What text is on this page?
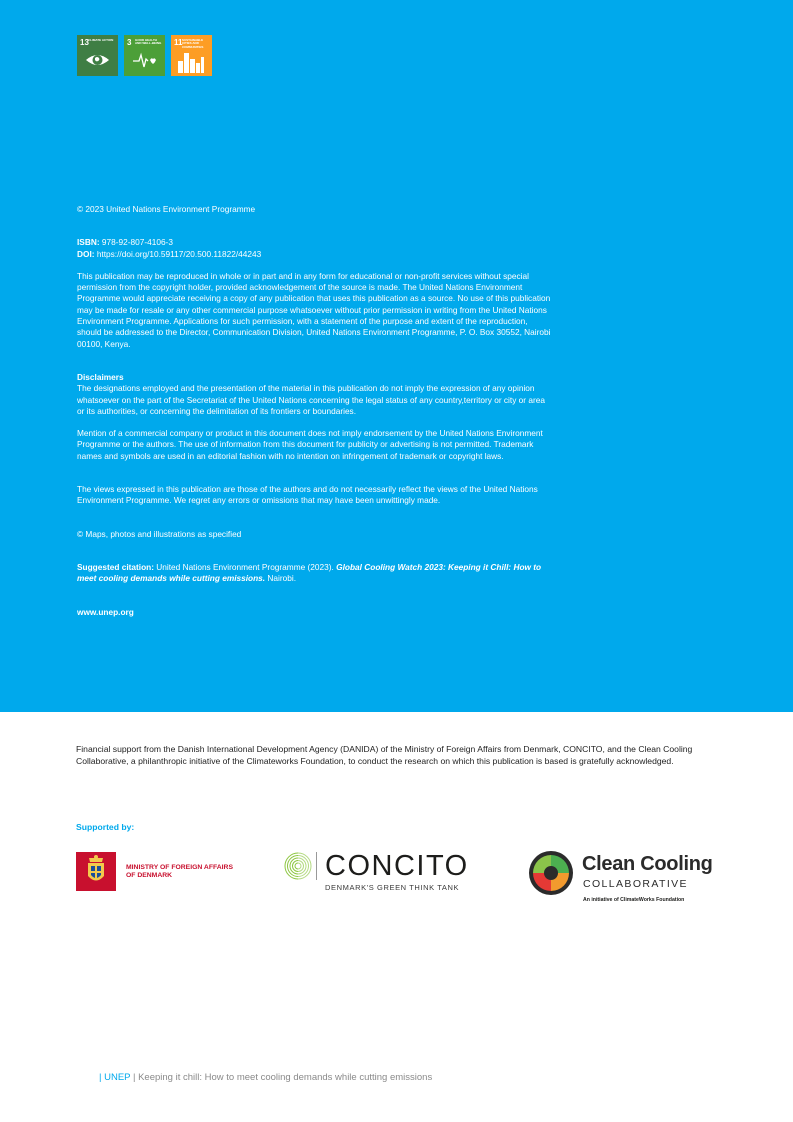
13 CLIMATE ACTION	3 GOOD HEALTH AND WELL-BEING 11 SUSTAINABLE CITIES AND COMMUNITIES

© 2023 United Nations Environment Programme

ISBN: 978-92-807-4106-3

DOI: https://doi.org/10.59117/20.500.11822/44243

This publication may be reproduced in whole or in part and in any form for educational or non-profit services without special permission from the copyright holder, provided acknowledgement of the source is made. The United Nations Environment Programme would appreciate receiving a copy of any publication that uses this publication as a source. No use of this publication may be made for resale or any other commercial purpose whatsoever without prior permission in writing from the United Nations Environment Programme. Applications for such permission, with a statement of the purpose and extent of the reproduction, should be addressed to the Director, Communication Division, United Nations Environment Programme, P. O. Box 30552, Nairobi 00100, Kenya.

Disclaimers

The designations employed and the presentation of the material in this publication do not imply the expression of any opinion whatsoever on the part of the Secretariat of the United Nations concerning the legal status of any country,territory or city or area or its authorities, or concerning the delimitation of its frontiers or boundaries.

Mention of a commercial company or product in this document does not imply endorsement by the United Nations Environment Programme or the authors. The use of information from this document for publicity or advertising is not permitted. Trademark names and symbols are used in an editorial fashion with no intention on infringement of trademark or copyright laws.

The views expressed in this publication are those of the authors and do not necessarily reflect the views of the United Nations Environment Programme. We regret any errors or omissions that may have been unwittingly made.

© Maps, photos and illustrations as specified

Suggested citation: United Nations Environment Programme (2023). Global Cooling Watch 2023: Keeping it Chill: How to meet cooling demands while cutting emissions. Nairobi.

www.unep.org

Financial support from the Danish International Development Agency (DANIDA) of the Ministry of Foreign Affairs from Denmark, CONCITO, and the Clean Cooling Collaborative, a philanthropic initiative of the Climateworks Foundation, to conduct the research on which this publication is based is gratefully acknowledged.

Supported by:
MINISTRY OF FOREIGN AFFAIRS
OF DENMARK	CONCITO
DENMARK'S GREEN THINK TANK
Clean Cooling
COLLABORATIVE
An initiative of ClimateWorks Foundation
| UNEP | Keeping it chill: How to meet cooling demands while cutting emissions
